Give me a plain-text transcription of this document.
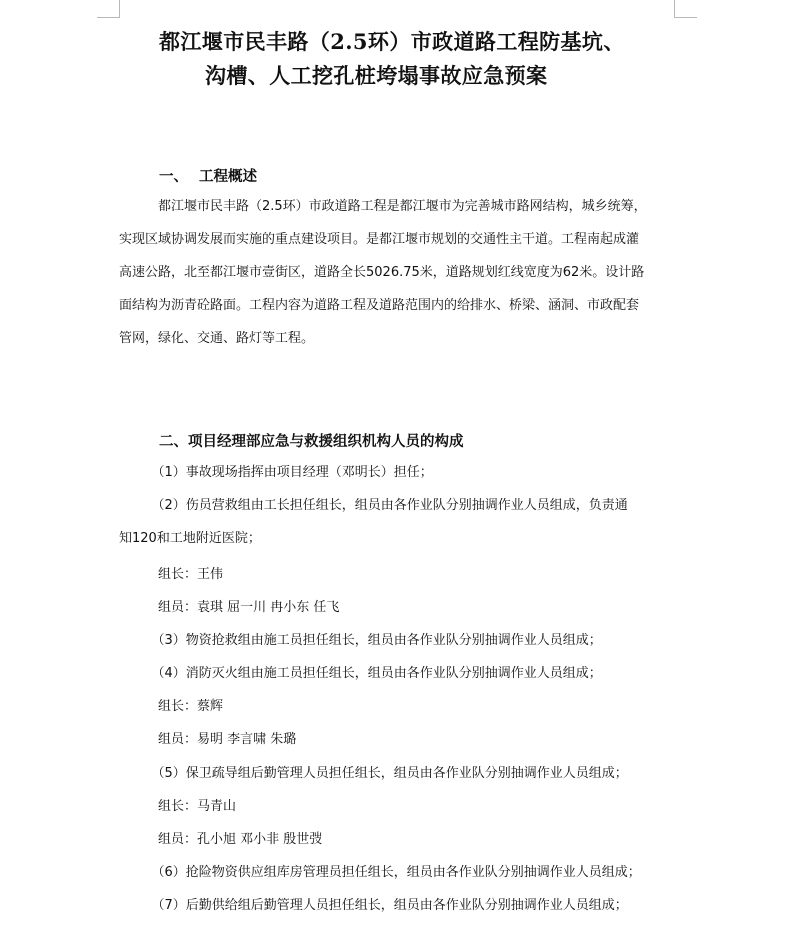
都江堰市民丰路（2.5环）市政道路工程防基坑、
沟槽、人工挖孔桩垮塌事故应急预案
一、 工程概述
　　　都江堰市民丰路（2.5环）市政道路工程是都江堰市为完善城市路网结构，城乡统筹，
实现区域协调发展而实施的重点建设项目。是都江堰市规划的交通性主干道。工程南起成灌
高速公路，北至都江堰市壹街区，道路全长5026.75米，道路规划红线宽度为62米。设计路
面结构为沥青砼路面。工程内容为道路工程及道路范围内的给排水、桥梁、涵洞、市政配套
管网，绿化、交通、路灯等工程。
二、项目经理部应急与救援组织机构人员的构成
　　　（1）事故现场指挥由项目经理（邓明长）担任；
　　　（2）伤员营救组由工长担任组长，组员由各作业队分别抽调作业人员组成，负责通
知120和工地附近医院；
　　　组长：王伟
　　　组员：袁琪 屈一川 冉小东 任飞
　　　（3）物资抢救组由施工员担任组长，组员由各作业队分别抽调作业人员组成；
　　　（4）消防灭火组由施工员担任组长，组员由各作业队分别抽调作业人员组成；
　　　组长：蔡辉
　　　组员：易明 李言啸 朱璐
　　　（5）保卫疏导组后勤管理人员担任组长，组员由各作业队分别抽调作业人员组成；
　　　组长：马青山
　　　组员：孔小旭 邓小非 殷世弢
　　　（6）抢险物资供应组库房管理员担任组长，组员由各作业队分别抽调作业人员组成；
　　　（7）后勤供给组后勤管理人员担任组长，组员由各作业队分别抽调作业人员组成；
